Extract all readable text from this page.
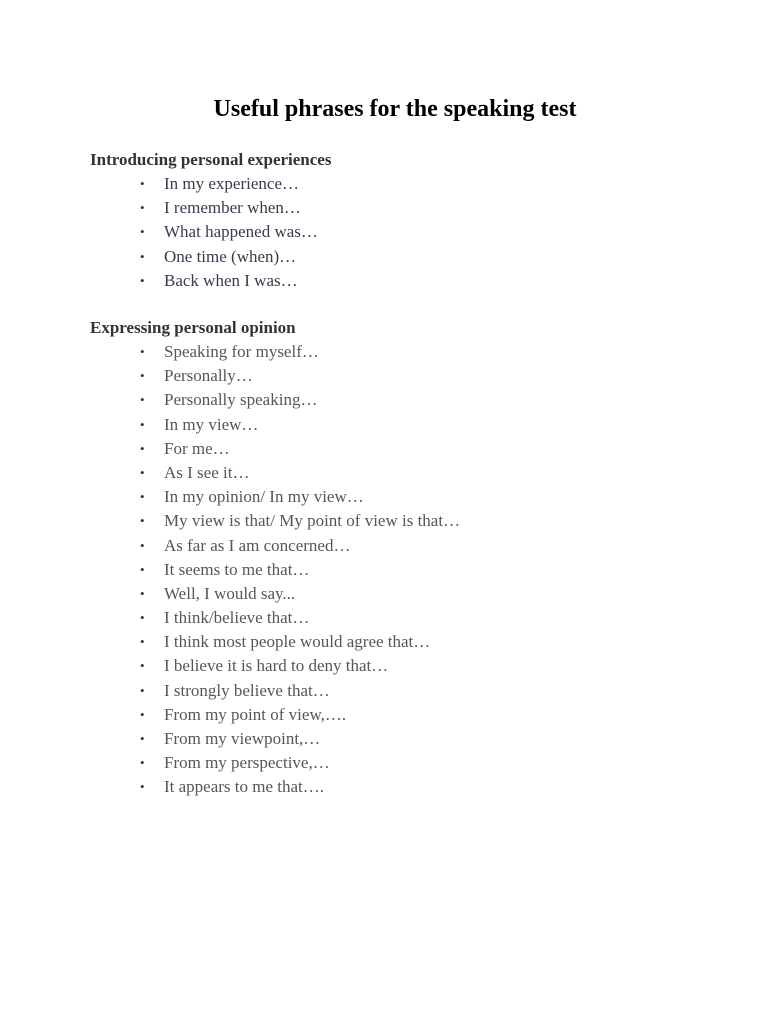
Useful phrases for the speaking test

Introducing personal experiences

•	In my experience…
•	I remember when…
•	What happened was…
•	One time (when)…
•	Back when I was…

Expressing personal opinion

•	Speaking for myself…
•	Personally…
•	Personally speaking…
•	In my view…
•	For me…
•	As I see it…
•	In my opinion/ In my view…
•	My view is that/ My point of view is that…
•	As far as I am concerned…
•	It seems to me that…
•	Well, I would say...
•	I think/believe that…
•	I think most people would agree that…
•	I believe it is hard to deny that…
•	I strongly believe that…
•	From my point of view,….
•	From my viewpoint,…
•	From my perspective,…
•	It appears to me that….
